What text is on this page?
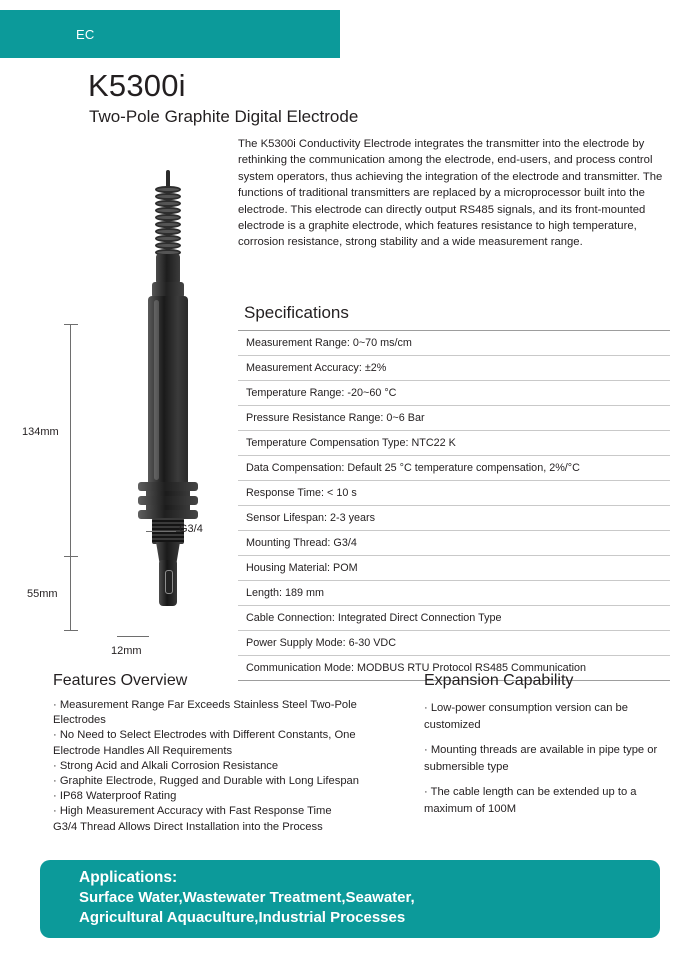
EC
K5300i
Two-Pole Graphite Digital Electrode
The K5300i Conductivity Electrode integrates the transmitter into the electrode by rethinking the communication among the electrode, end-users, and process control system operators, thus achieving the integration of the electrode and transmitter. The functions of traditional transmitters are replaced by a microprocessor built into the electrode. This electrode can directly output RS485 signals, and its front-mounted electrode is a graphite electrode, which features resistance to high temperature, corrosion resistance, strong stability and a wide measurement range.
134mm
55mm
12mm
G3/4
Specifications
Measurement Range: 0~70 ms/cm
Measurement Accuracy: ±2%
Temperature Range: -20~60 °C
Pressure Resistance Range: 0~6 Bar
Temperature Compensation Type: NTC22 K
Data Compensation: Default 25 °C temperature compensation, 2%/°C
Response Time: < 10 s
Sensor Lifespan: 2-3 years
Mounting Thread: G3/4
Housing Material: POM
Length: 189 mm
Cable Connection: Integrated Direct Connection Type
Power Supply Mode: 6-30 VDC
Communication Mode: MODBUS RTU Protocol RS485 Communication
Features Overview
· Measurement Range Far Exceeds Stainless Steel Two-Pole Electrodes
· No Need to Select Electrodes with Different Constants, One Electrode Handles All Requirements
· Strong Acid and Alkali Corrosion Resistance
· Graphite Electrode, Rugged and Durable with Long Lifespan
· IP68 Waterproof Rating
· High Measurement Accuracy with Fast Response Time
G3/4 Thread Allows Direct Installation into the Process
Expansion Capability
· Low-power consumption version can be customized
· Mounting threads are available in pipe type or submersible type
· The cable length can be extended up to a maximum of 100M
Applications:
Surface Water,Wastewater Treatment,Seawater,
Agricultural Aquaculture,Industrial Processes
